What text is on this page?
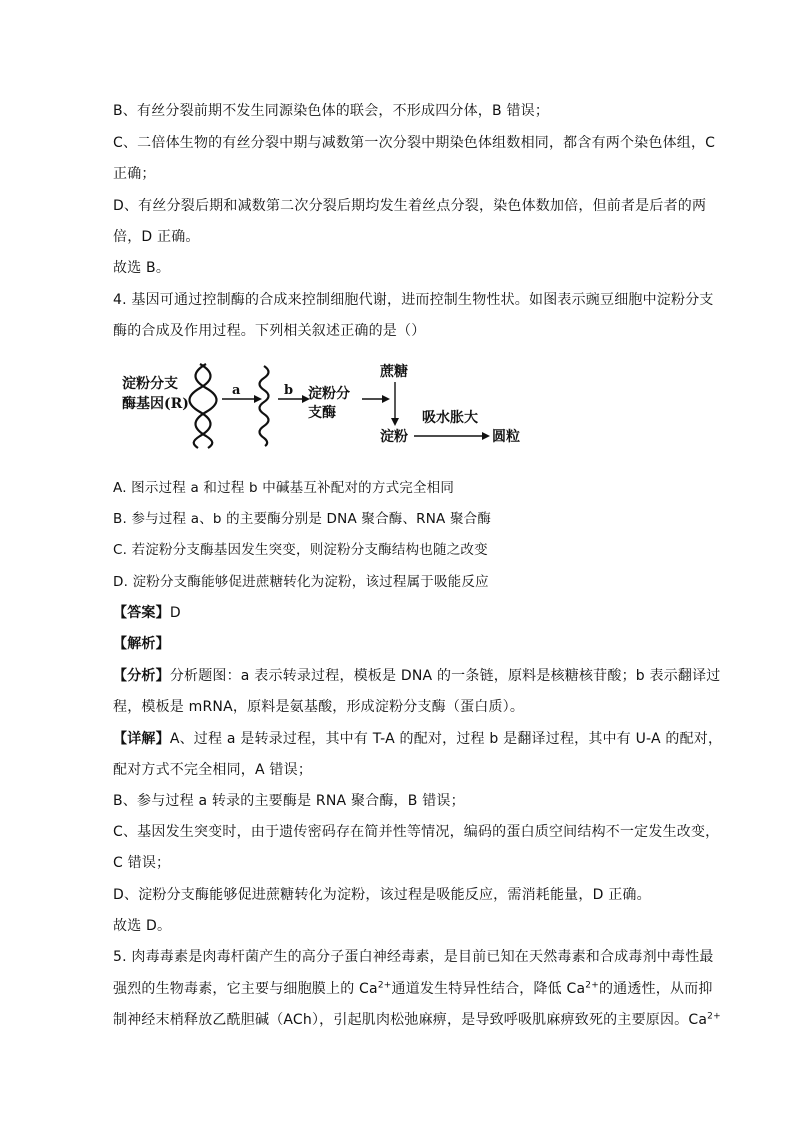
B、有丝分裂前期不发生同源染色体的联会，不形成四分体，B 错误；
C、二倍体生物的有丝分裂中期与减数第一次分裂中期染色体组数相同，都含有两个染色体组，C
正确；
D、有丝分裂后期和减数第二次分裂后期均发生着丝点分裂，染色体数加倍，但前者是后者的两
倍，D 正确。
故选 B。
4. 基因可通过控制酶的合成来控制细胞代谢，进而控制生物性状。如图表示豌豆细胞中淀粉分支
酶的合成及作用过程。下列相关叙述正确的是（）
淀粉分支
酶基因(R)
a	b 淀粉分
支酶
蔗糖
淀粉
吸水胀大
圆粒
A. 图示过程 a 和过程 b 中碱基互补配对的方式完全相同
B. 参与过程 a、b 的主要酶分别是 DNA 聚合酶、RNA 聚合酶
C. 若淀粉分支酶基因发生突变，则淀粉分支酶结构也随之改变
D. 淀粉分支酶能够促进蔗糖转化为淀粉，该过程属于吸能反应
【答案】D
【解析】
【分析】分析题图：a 表示转录过程，模板是 DNA 的一条链，原料是核糖核苷酸；b 表示翻译过
程，模板是 mRNA，原料是氨基酸，形成淀粉分支酶（蛋白质）。
【详解】A、过程 a 是转录过程，其中有 T-A 的配对，过程 b 是翻译过程，其中有 U-A 的配对，
配对方式不完全相同，A 错误；
B、参与过程 a 转录的主要酶是 RNA 聚合酶，B 错误；
C、基因发生突变时，由于遗传密码存在简并性等情况，编码的蛋白质空间结构不一定发生改变，
C 错误；
D、淀粉分支酶能够促进蔗糖转化为淀粉，该过程是吸能反应，需消耗能量，D 正确。
故选 D。
5. 肉毒毒素是肉毒杆菌产生的高分子蛋白神经毒素，是目前已知在天然毒素和合成毒剂中毒性最
强烈的生物毒素，它主要与细胞膜上的 $Ca^{2+}$通道发生特异性结合，降低 $Ca^{2+}$的通透性，从而抑
制神经末梢释放乙酰胆碱（ACh），引起肌肉松弛麻痹，是导致呼吸肌麻痹致死的主要原因。$Ca^{2+}$
